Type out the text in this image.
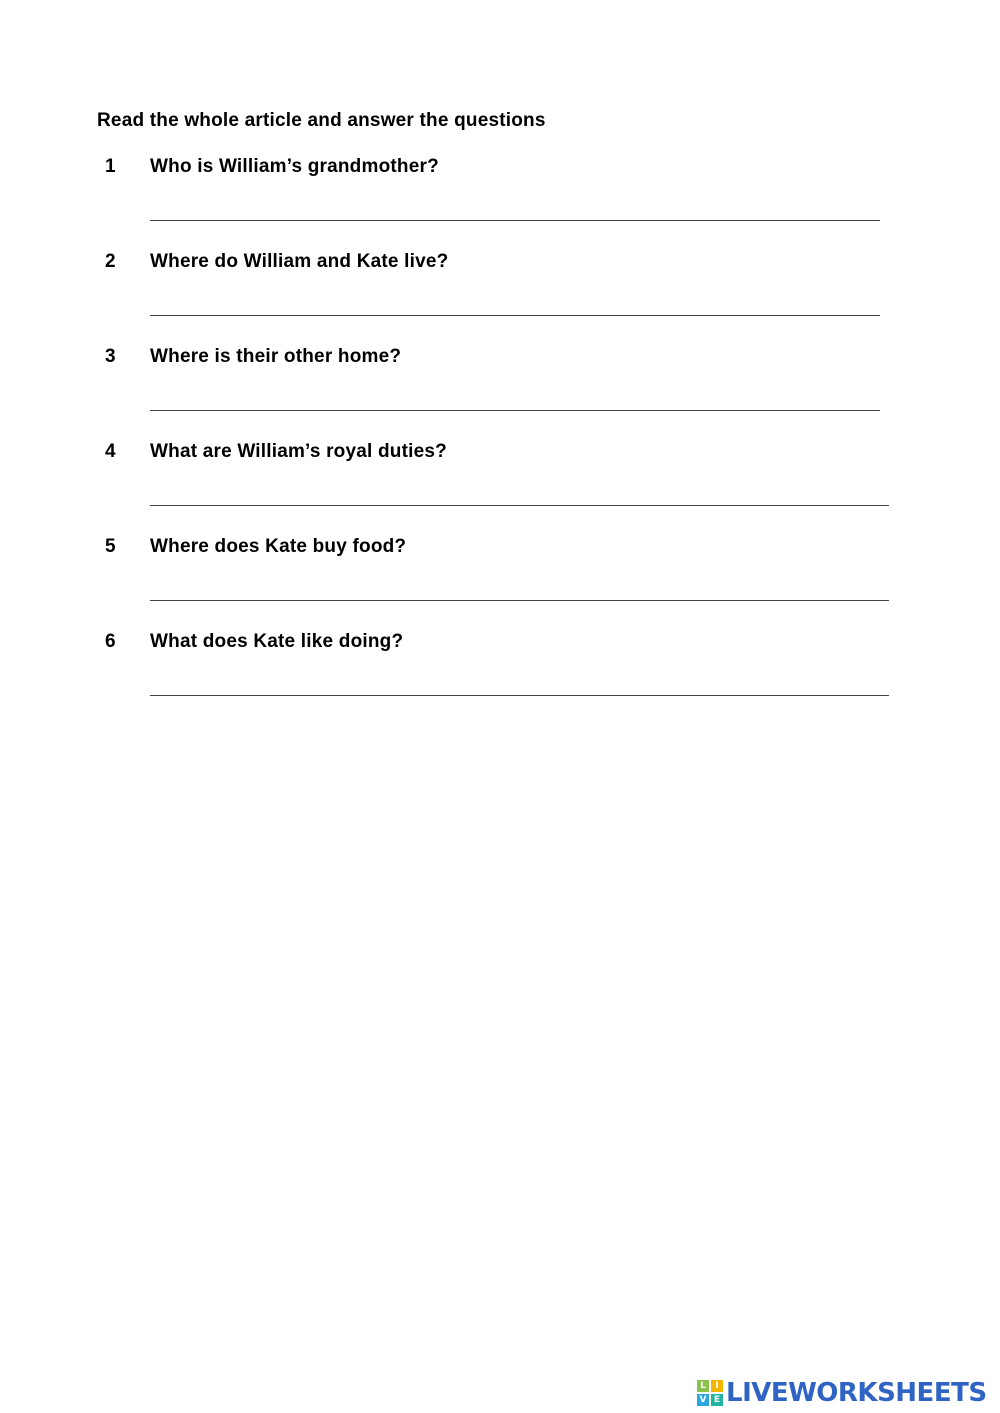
Read the whole article and answer the questions
1 Who is William’s grandmother?
2 Where do William and Kate live?
3 Where is their other home?
4 What are William’s royal duties?
5 Where does Kate buy food?
6 What does Kate like doing?
L	I
V E LIVEWORKSHEETS
